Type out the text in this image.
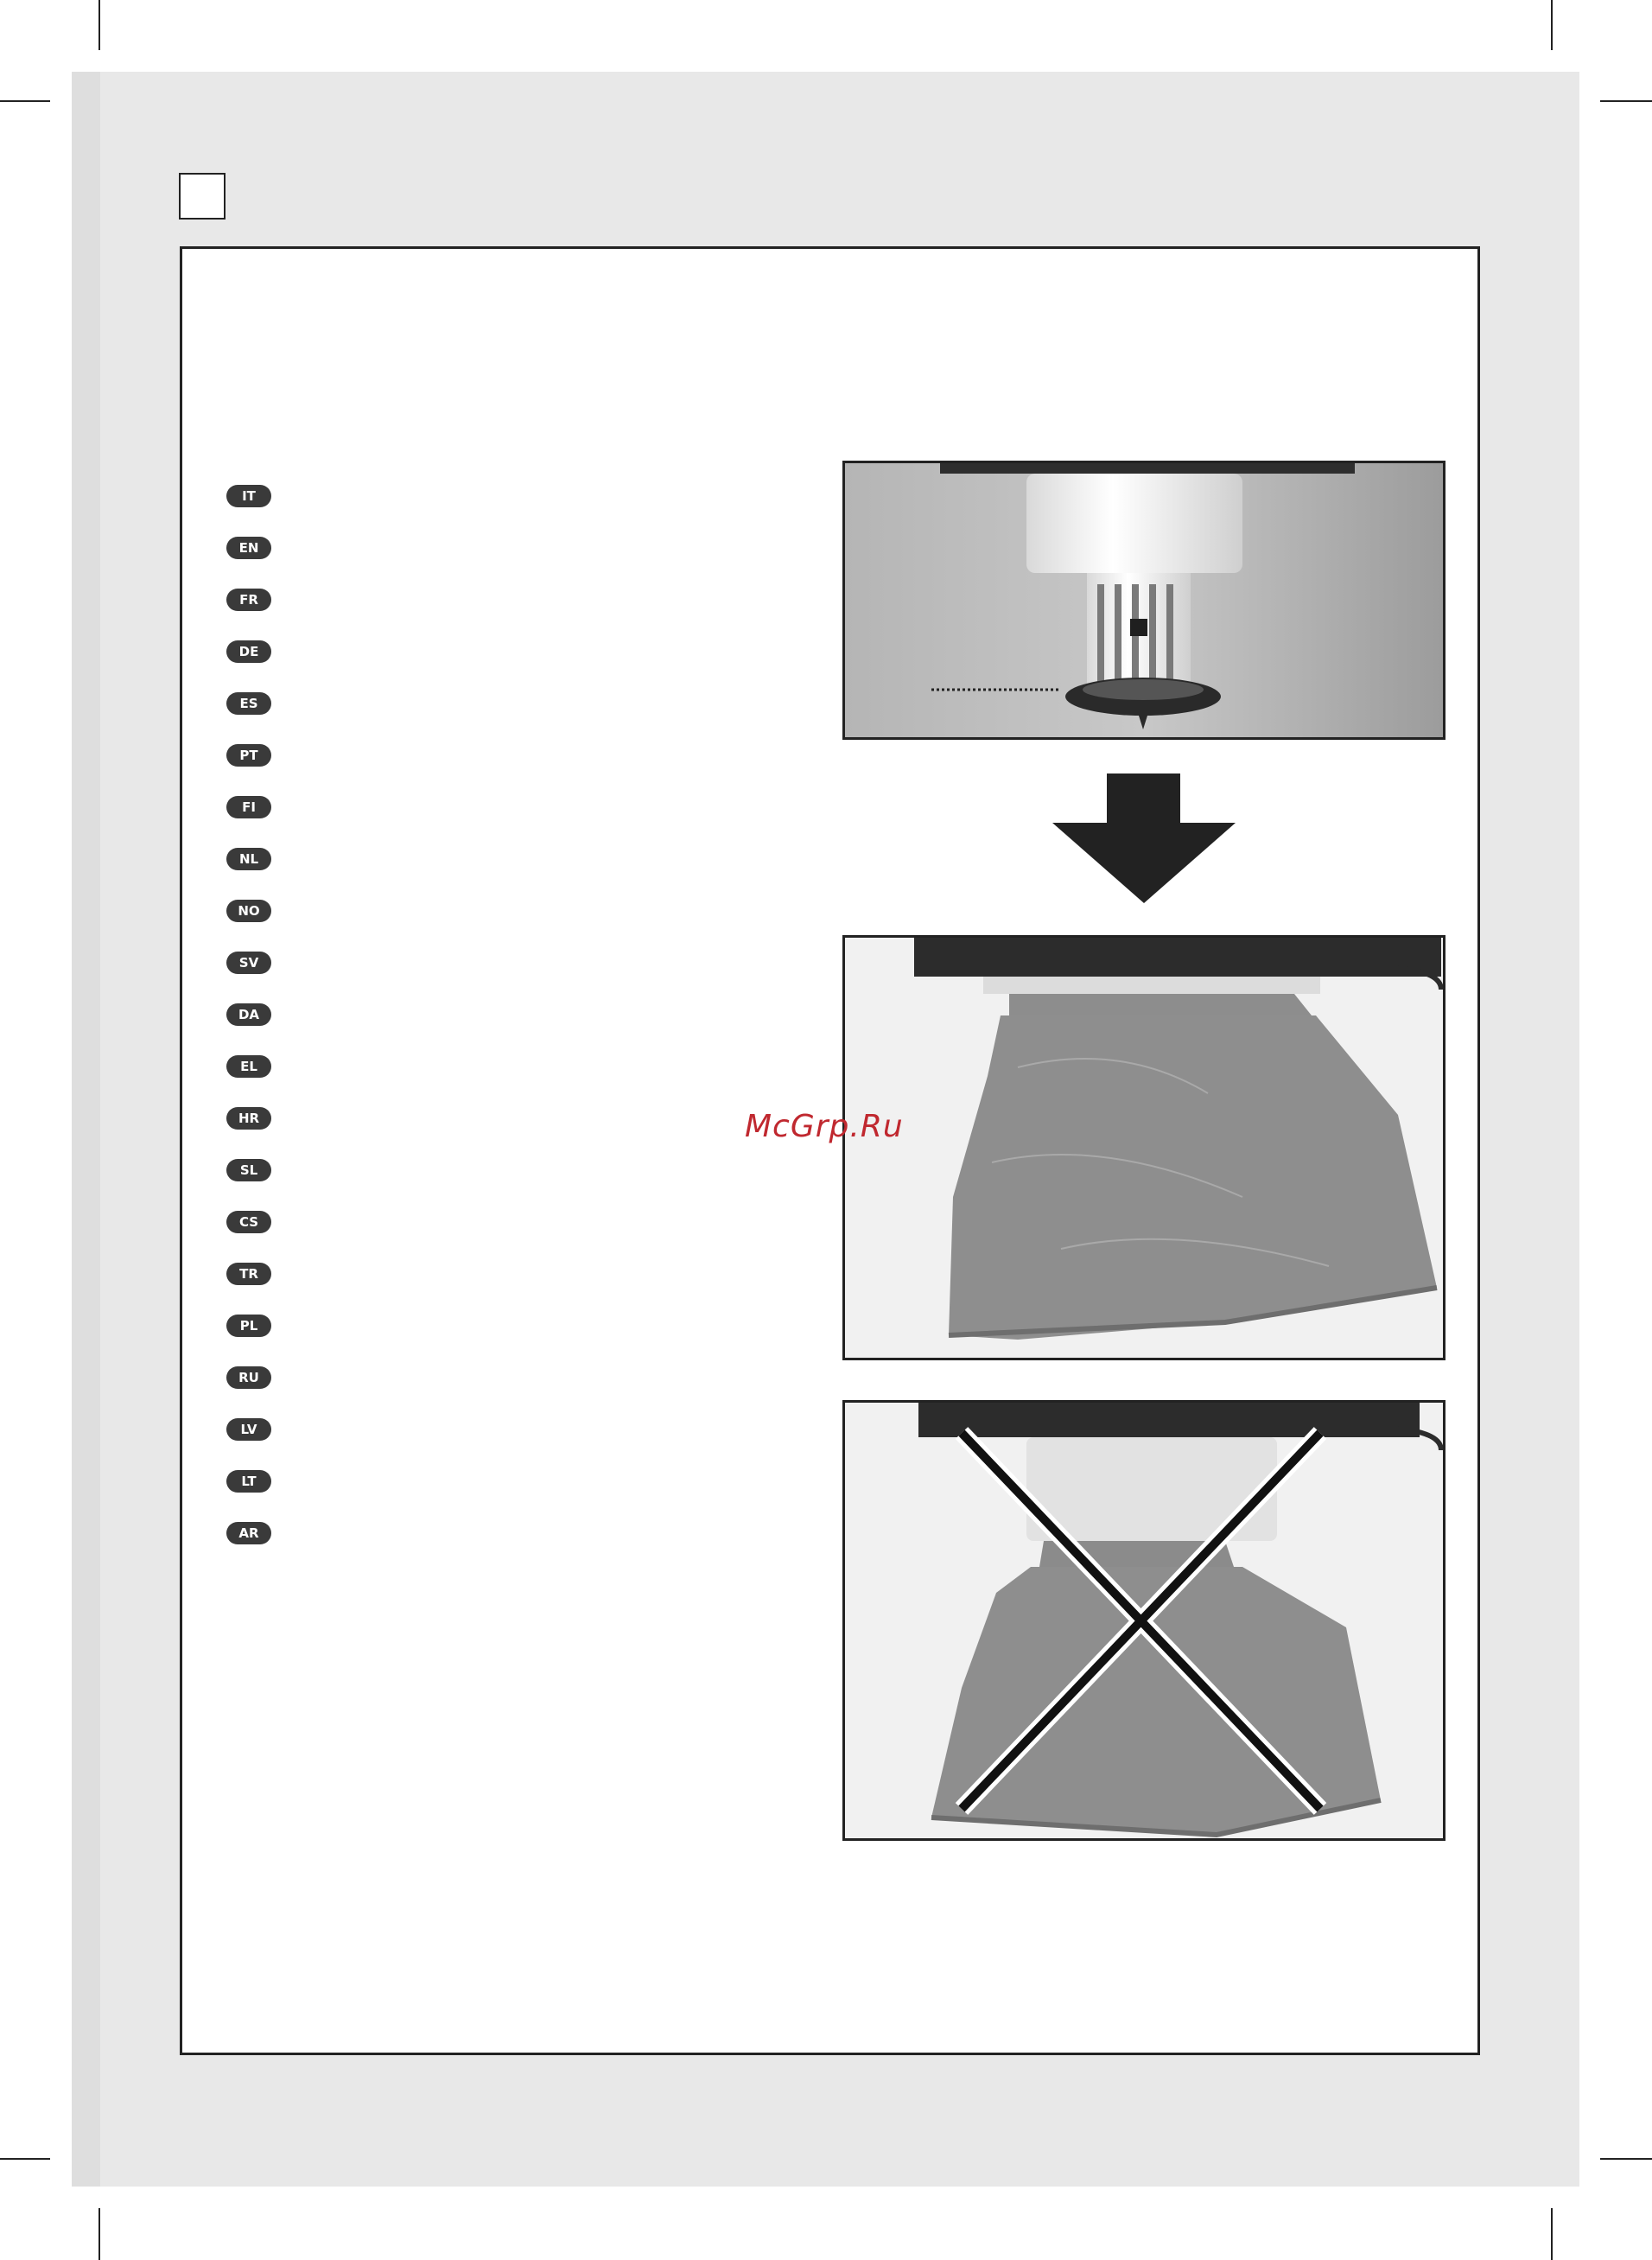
IT
EN
FR
DE
ES
PT
FI
NL
NO
SV
DA
EL
HR
SL
CS
TR
PL
RU
LV
LT
AR
McGrp.Ru
